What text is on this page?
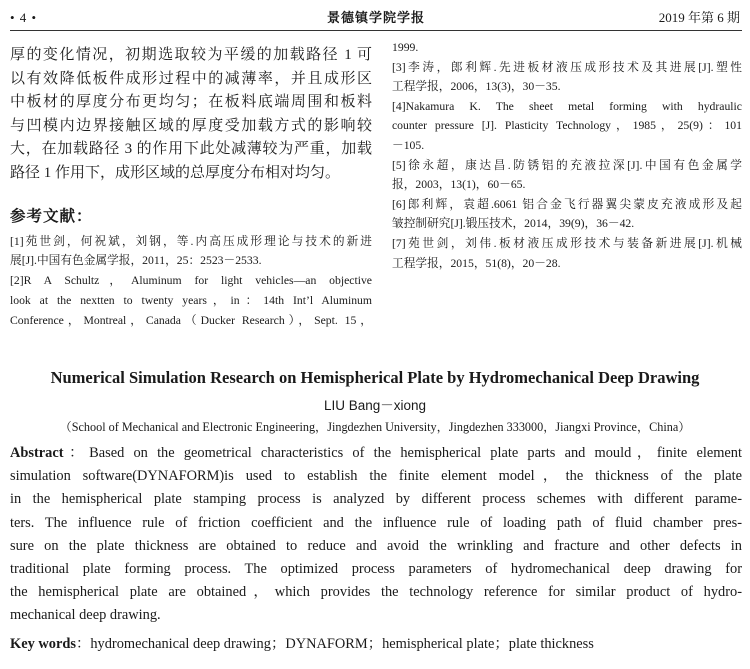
• 4 •	景德镇学院学报	2019 年第 6 期
厚的变化情况，初期选取较为平缓的加载路径 1 可
以有效降低板件成形过程中的减薄率，并且成形区
中板材的厚度分布更均匀；在板料底端周围和板料
与凹模内边界接触区域的厚度受加载方式的影响较
大，在加载路径 3 的作用下此处减薄较为严重，加载
路径 1 作用下，成形区域的总厚度分布相对均匀。
参考文献：
[1]苑世剑，何祝斌，刘钢，等.内高压成形理论与技术的新进
展[J].中国有色金属学报，2011，25：2523－2533.
[2]R A Schultz，Aluminum for light vehicles—an objective
look at the nextten to twenty years，in：14th Int’l Aluminum
Conference，Montreal，Canada（Ducker Research），Sept. 15，
1999.
[3]李涛，郎利辉.先进板材液压成形技术及其进展[J].塑性
工程学报，2006，13(3)，30－35.
[4]Nakamura K. The sheet metal forming with hydraulic
counter pressure [J]. Plasticity Technology，1985，25(9)：101
－105.
[5]徐永超，康达昌.防锈铝的充液拉深[J].中国有色金属学
报，2003，13(1)，60－65.
[6]郎利辉，袁超.6061 铝合金飞行器翼尖蒙皮充液成形及起
皱控制研究[J].锻压技术，2014，39(9)，36－42.
[7]苑世剑，刘伟.板材液压成形技术与装备新进展[J].机械
工程学报，2015，51(8)，20－28.
Numerical Simulation Research on Hemispherical Plate by Hydromechanical Deep Drawing
LIU Bang－xiong
（School of Mechanical and Electronic Engineering，Jingdezhen University，Jingdezhen 333000，Jiangxi Province，China）
Abstract：Based on the geometrical characteristics of the hemispherical plate parts and mould，finite element
simulation software(DYNAFORM)is used to establish the finite element model，the thickness of the plate
in the hemispherical plate stamping process is analyzed by different process schemes with different parame-
ters. The influence rule of friction coefficient and the influence rule of loading path of fluid chamber pres-
sure on the plate thickness are obtained to reduce and avoid the wrinkling and fracture and other defects in
traditional plate forming process. The optimized process parameters of hydromechanical deep drawing for
the hemispherical plate are obtained，which provides the technology reference for similar product of hydro-
mechanical deep drawing.
Key words：hydromechanical deep drawing；DYNAFORM；hemispherical plate；plate thickness
